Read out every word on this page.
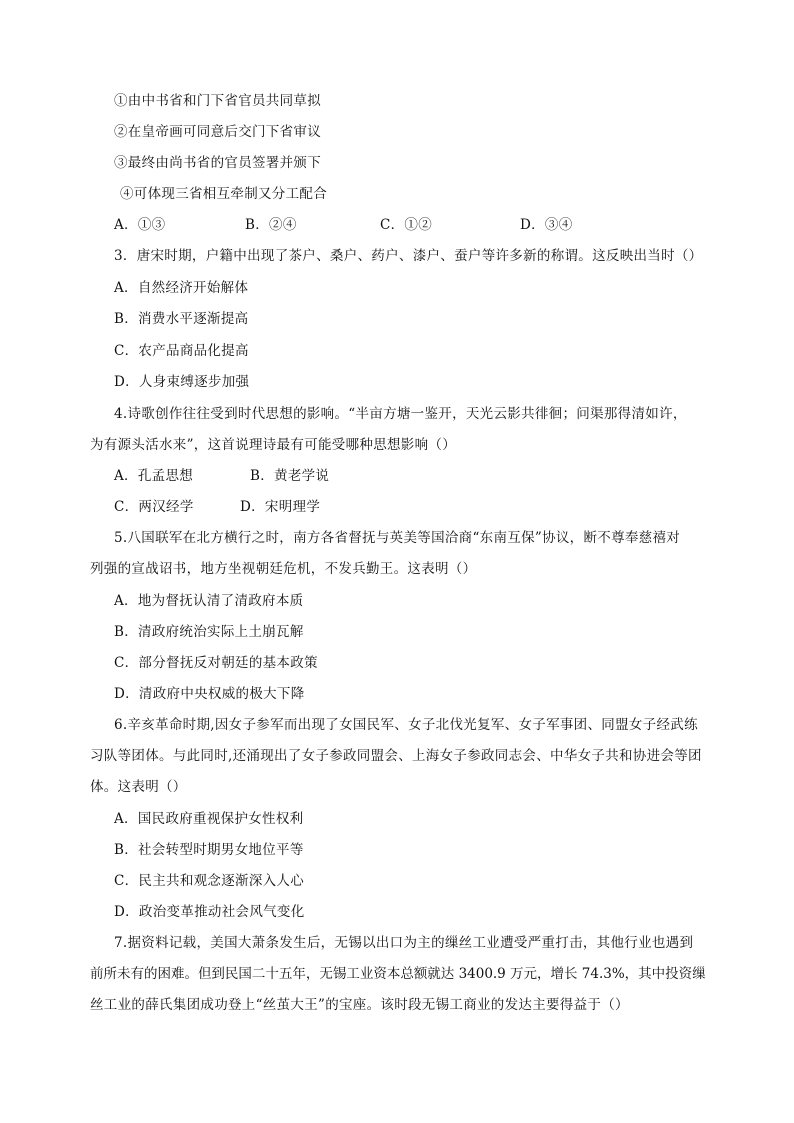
①由中书省和门下省官员共同草拟
②在皇帝画可同意后交门下省审议
③最终由尚书省的官员签署并颁下
④可体现三省相互牵制又分工配合
A．①③	B．②④	C．①②	D．③④
3．唐宋时期，户籍中出现了茶户、桑户、药户、漆户、蚕户等许多新的称谓。这反映出当时（）
A．自然经济开始解体
B．消费水平逐渐提高
C．农产品商品化提高
D．人身束缚逐步加强
4.诗歌创作往往受到时代思想的影响。“半亩方塘一鉴开，天光云影共徘徊；问渠那得清如许，
为有源头活水来”，这首说理诗最有可能受哪种思想影响（）
A．孔孟思想	B．黄老学说
C．两汉经学	D．宋明理学
5.八国联军在北方横行之时，南方各省督抚与英美等国洽商“东南互保”协议，断不尊奉慈禧对
列强的宣战诏书，地方坐视朝廷危机，不发兵勤王。这表明（）
A．地为督抚认清了清政府本质
B．清政府统治实际上土崩瓦解
C．部分督抚反对朝廷的基本政策
D．清政府中央权威的极大下降
6.辛亥革命时期,因女子参军而出现了女国民军、女子北伐光复军、女子军事团、同盟女子经武练
习队等团体。与此同时,还涌现出了女子参政同盟会、上海女子参政同志会、中华女子共和协进会等团
体。这表明（）
A．国民政府重视保护女性权利
B．社会转型时期男女地位平等
C．民主共和观念逐渐深入人心
D．政治变革推动社会风气变化
7.据资料记载，美国大萧条发生后，无锡以出口为主的缫丝工业遭受严重打击，其他行业也遇到
前所未有的困难。但到民国二十五年，无锡工业资本总额就达 3400.9 万元，增长 74.3%，其中投资缫
丝工业的薛氏集团成功登上“丝茧大王”的宝座。该时段无锡工商业的发达主要得益于（）
